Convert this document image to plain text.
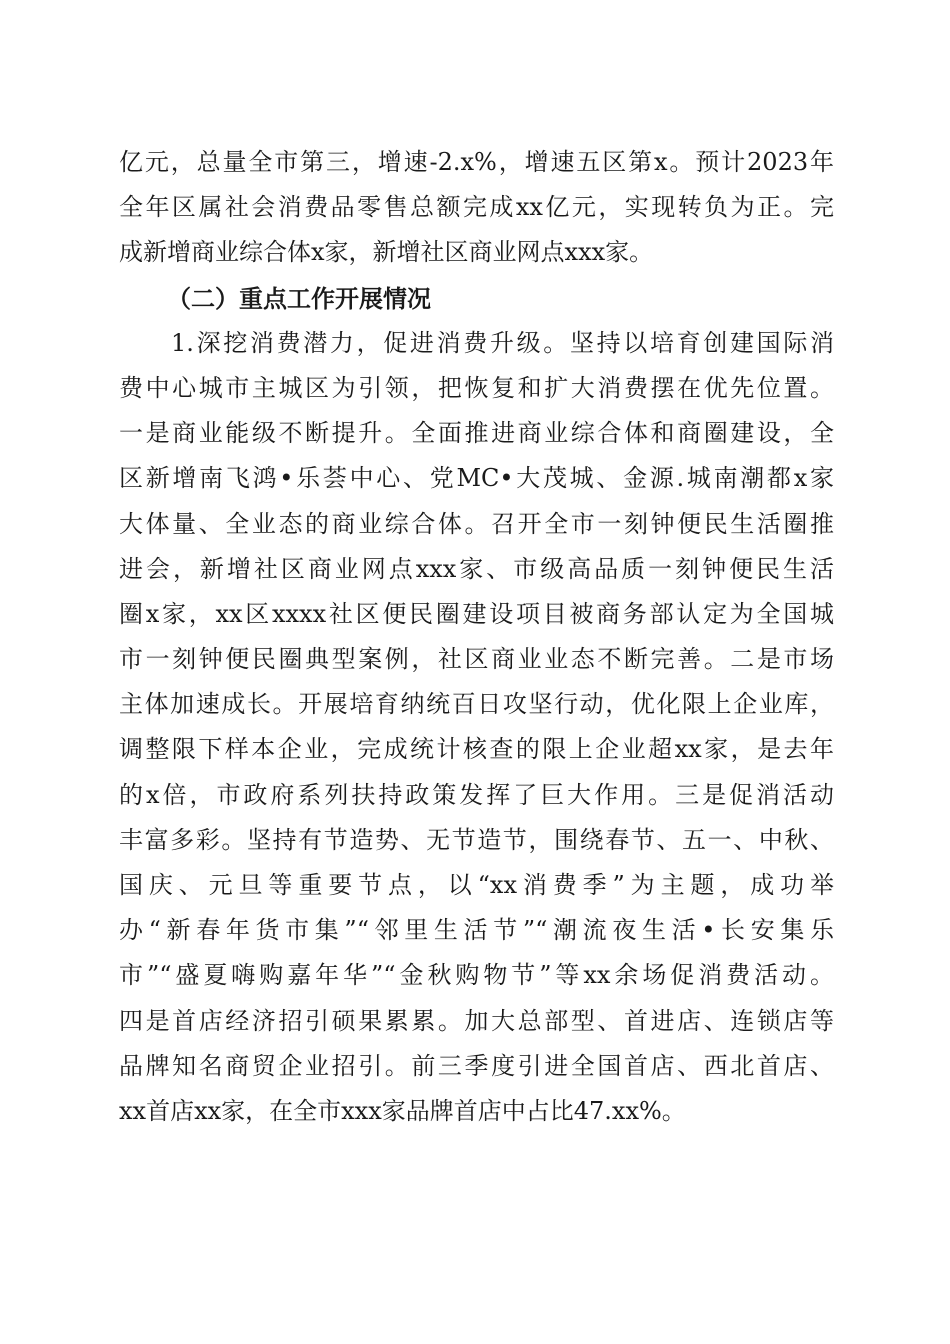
亿元，总量全市第三，增速-2.x%，增速五区第x。预计2023年
全年区属社会消费品零售总额完成xx亿元，实现转负为正。完
成新增商业综合体x家，新增社区商业网点xxx家。
（二）重点工作开展情况
1.深挖消费潜力，促进消费升级。坚持以培育创建国际消
费中心城市主城区为引领，把恢复和扩大消费摆在优先位置。
一是商业能级不断提升。全面推进商业综合体和商圈建设，全
区新增南飞鸿•乐荟中心、党MC•大茂城、金源.城南潮都x家
大体量、全业态的商业综合体。召开全市一刻钟便民生活圈推
进会，新增社区商业网点xxx家、市级高品质一刻钟便民生活
圈x家，xx区xxxx社区便民圈建设项目被商务部认定为全国城
市一刻钟便民圈典型案例，社区商业业态不断完善。二是市场
主体加速成长。开展培育纳统百日攻坚行动，优化限上企业库，
调整限下样本企业，完成统计核查的限上企业超xx家，是去年
的x倍，市政府系列扶持政策发挥了巨大作用。三是促消活动
丰富多彩。坚持有节造势、无节造节，围绕春节、五一、中秋、
国庆、元旦等重要节点，以“xx消费季”为主题，成功举
办“新春年货市集”“邻里生活节”“潮流夜生活•长安集乐
市”“盛夏嗨购嘉年华”“金秋购物节”等xx余场促消费活动。
四是首店经济招引硕果累累。加大总部型、首进店、连锁店等
品牌知名商贸企业招引。前三季度引进全国首店、西北首店、
xx首店xx家，在全市xxx家品牌首店中占比47.xx%。
